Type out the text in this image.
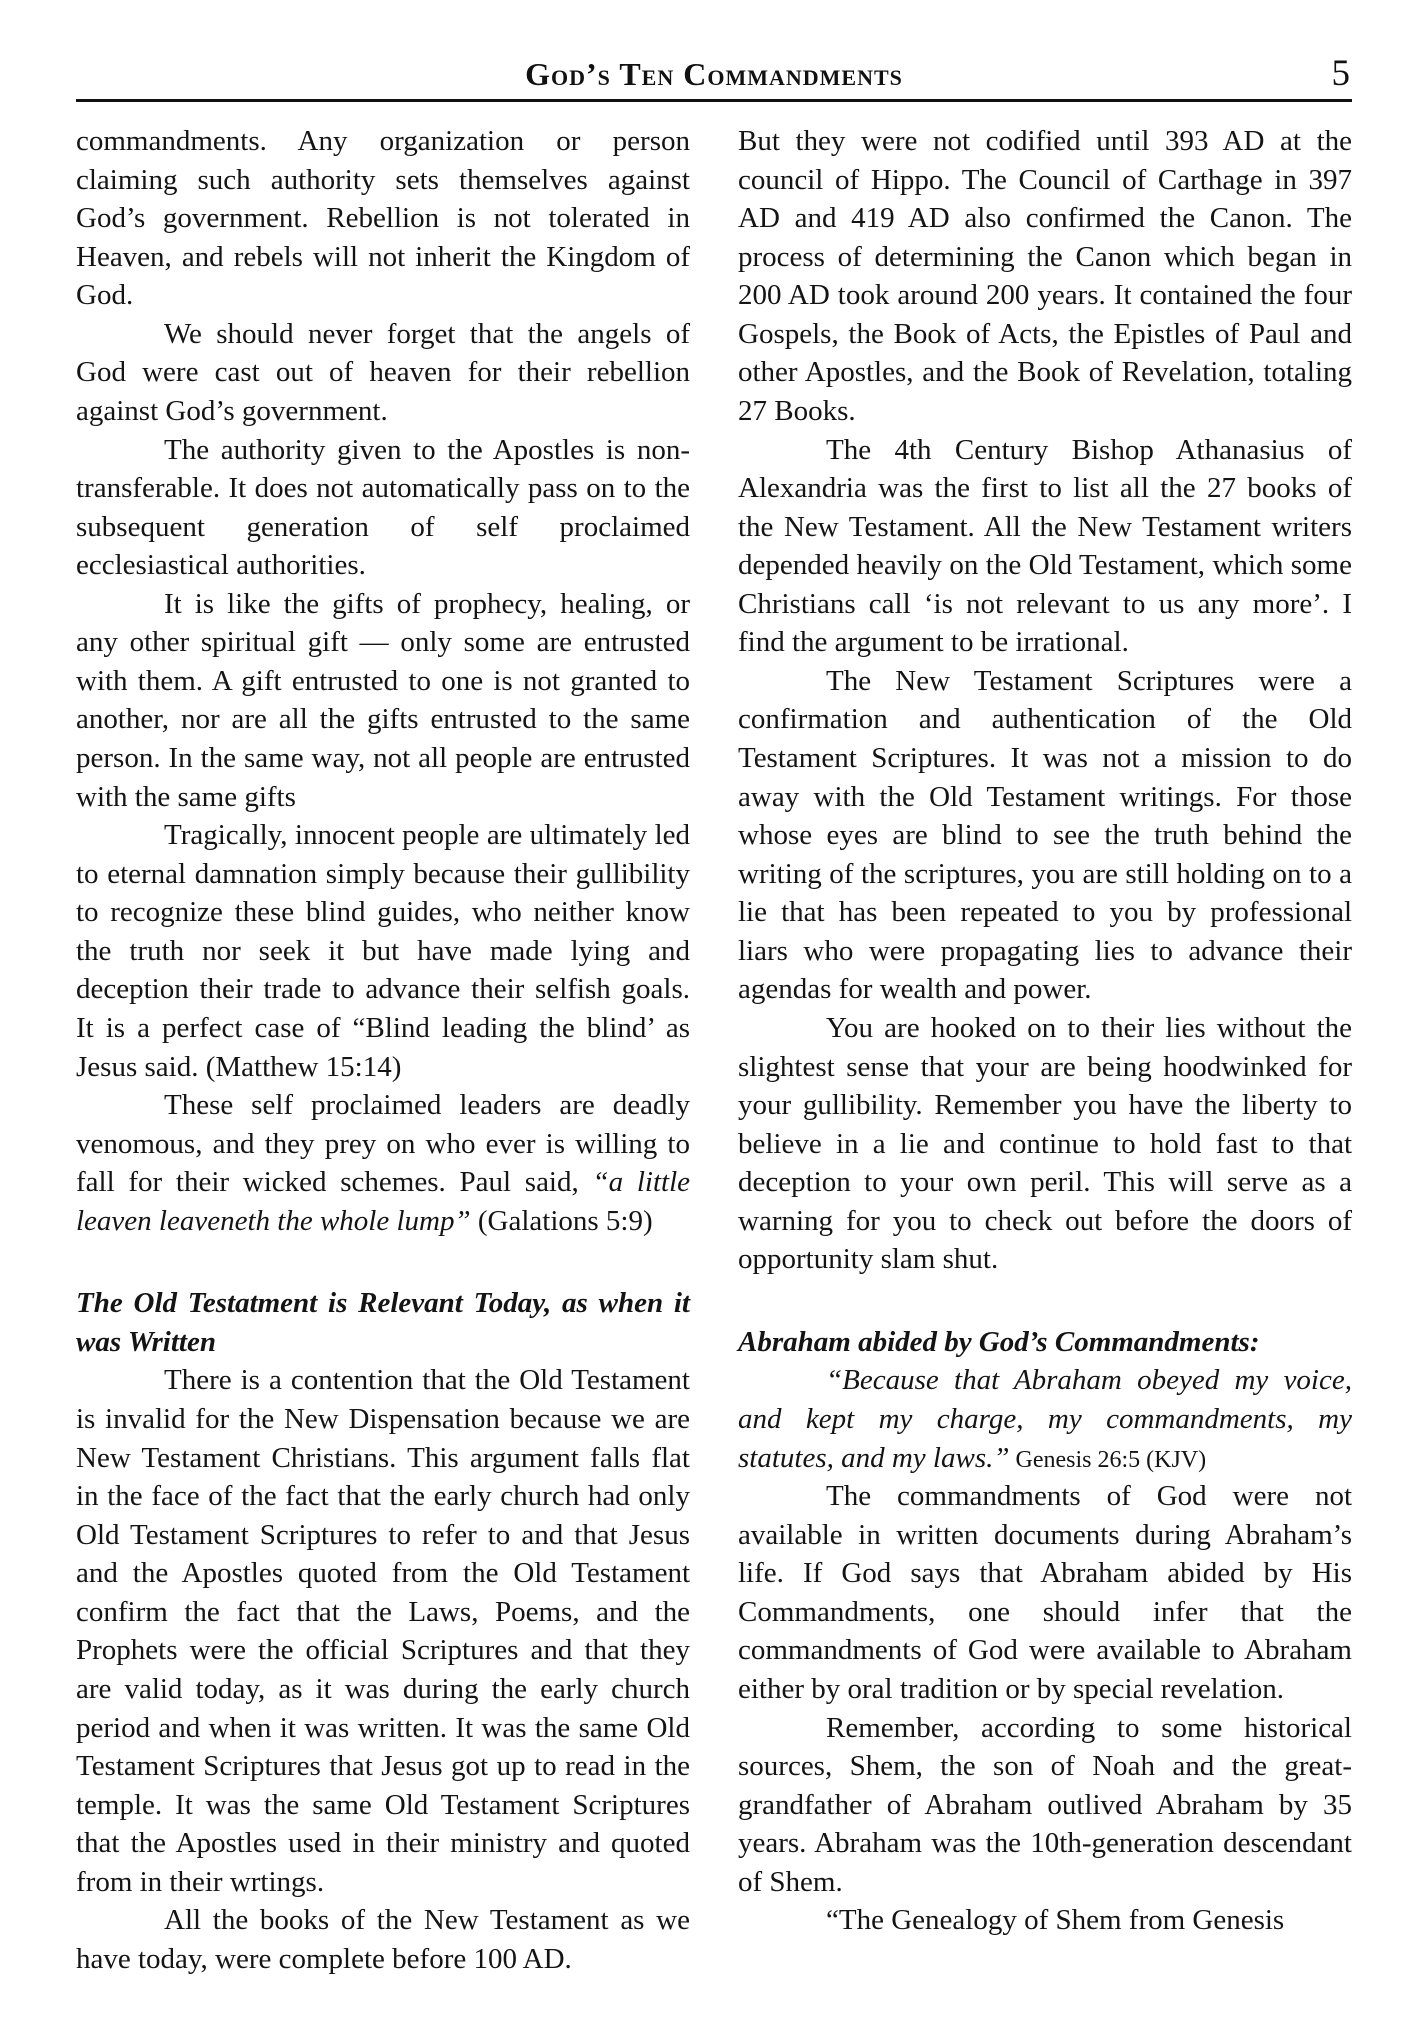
God’s Ten Commandments	5

commandments. Any organization or person claiming such authority sets themselves against God’s government. Rebellion is not tolerated in Heaven, and rebels will not inherit the Kingdom of God.

We should never forget that the angels of God were cast out of heaven for their rebellion against God’s government.

The authority given to the Apostles is non-transferable. It does not automatically pass on to the subsequent generation of self proclaimed ecclesiastical authorities.

It is like the gifts of prophecy, healing, or any other spiritual gift — only some are entrusted with them. A gift entrusted to one is not granted to another, nor are all the gifts entrusted to the same person. In the same way, not all people are entrusted with the same gifts

Tragically, innocent people are ultimately led to eternal damnation simply because their gullibility to recognize these blind guides, who neither know the truth nor seek it but have made lying and deception their trade to advance their selfish goals. It is a perfect case of “Blind leading the blind’ as Jesus said. (Matthew 15:14)

These self proclaimed leaders are deadly venomous, and they prey on who ever is willing to fall for their wicked schemes. Paul said, “a little leaven leaveneth the whole lump” (Galations 5:9)

The Old Testatment is Relevant Today, as when it was Written

There is a contention that the Old Testament is invalid for the New Dispensation because we are New Testament Christians. This argument falls flat in the face of the fact that the early church had only Old Testament Scriptures to refer to and that Jesus and the Apostles quoted from the Old Testament confirm the fact that the Laws, Poems, and the Prophets were the official Scriptures and that they are valid today, as it was during the early church period and when it was written. It was the same Old Testament Scriptures that Jesus got up to read in the temple. It was the same Old Testament Scriptures that the Apostles used in their ministry and quoted from in their wrtings.

All the books of the New Testament as we have today, were complete before 100 AD.

But they were not codified until 393 AD at the council of Hippo. The Council of Carthage in 397 AD and 419 AD also confirmed the Canon. The process of determining the Canon which began in 200 AD took around 200 years. It contained the four Gospels, the Book of Acts, the Epistles of Paul and other Apostles, and the Book of Revelation, totaling 27 Books.

The 4th Century Bishop Athanasius of Alexandria was the first to list all the 27 books of the New Testament. All the New Testament writers depended heavily on the Old Testament, which some Christians call ‘is not relevant to us any more’. I find the argument to be irrational.

The New Testament Scriptures were a confirmation and authentication of the Old Testament Scriptures. It was not a mission to do away with the Old Testament writings. For those whose eyes are blind to see the truth behind the writing of the scriptures, you are still holding on to a lie that has been repeated to you by professional liars who were propagating lies to advance their agendas for wealth and power.

You are hooked on to their lies without the slightest sense that your are being hoodwinked for your gullibility. Remember you have the liberty to believe in a lie and continue to hold fast to that deception to your own peril. This will serve as a warning for you to check out before the doors of opportunity slam shut.

Abraham abided by God’s Commandments:

“Because that Abraham obeyed my voice, and kept my charge, my commandments, my statutes, and my laws.” Genesis 26:5 (KJV)

The commandments of God were not available in written documents during Abraham’s life. If God says that Abraham abided by His Commandments, one should infer that the commandments of God were available to Abraham either by oral tradition or by special revelation.

Remember, according to some historical sources, Shem, the son of Noah and the great-grandfather of Abraham outlived Abraham by 35 years. Abraham was the 10th-generation descendant of Shem.

“The Genealogy of Shem from Genesis
